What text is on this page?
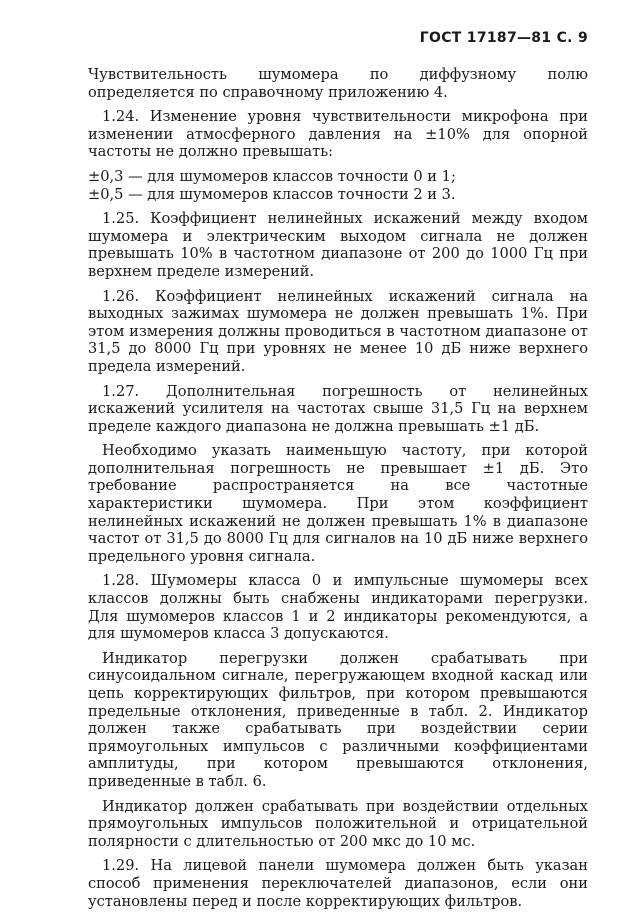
ГОСТ 17187—81 С. 9

Чувствительность шумомера по диффузному полю определяется по справочному приложению 4.

1.24. Изменение уровня чувствительности микрофона при изменении атмосферного давления на ±10% для опорной частоты не должно превышать:

±0,3 — для шумомеров классов точности 0 и 1;
±0,5 — для шумомеров классов точности 2 и 3.

1.25. Коэффициент нелинейных искажений между входом шумомера и электрическим выходом сигнала не должен превышать 10% в частотном диапазоне от 200 до 1000 Гц при верхнем пределе измерений.

1.26. Коэффициент нелинейных искажений сигнала на выходных зажимах шумомера не должен превышать 1%. При этом измерения должны проводиться в частотном диапазоне от 31,5 до 8000 Гц при уровнях не менее 10 дБ ниже верхнего предела измерений.

1.27. Дополнительная погрешность от нелинейных искажений усилителя на частотах свыше 31,5 Гц на верхнем пределе каждого диапазона не должна превышать ±1 дБ.

Необходимо указать наименьшую частоту, при которой дополнительная погрешность не превышает ±1 дБ. Это требование распространяется на все частотные характеристики шумомера. При этом коэффициент нелинейных искажений не должен превышать 1% в диапазоне частот от 31,5 до 8000 Гц для сигналов на 10 дБ ниже верхнего предельного уровня сигнала.

1.28. Шумомеры класса 0 и импульсные шумомеры всех классов должны быть снабжены индикаторами перегрузки. Для шумомеров классов 1 и 2 индикаторы рекомендуются, а для шумомеров класса 3 допускаются.

Индикатор перегрузки должен срабатывать при синусоидальном сигнале, перегружающем входной каскад или цепь корректирующих фильтров, при котором превышаются предельные отклонения, приведенные в табл. 2. Индикатор должен также срабатывать при воздействии серии прямоугольных импульсов с различными коэффициентами амплитуды, при котором превышаются отклонения, приведенные в табл. 6.

Индикатор должен срабатывать при воздействии отдельных прямоугольных импульсов положительной и отрицательной полярности с длительностью от 200 мкс до 10 мс.

1.29. На лицевой панели шумомера должен быть указан способ применения переключателей диапазонов, если они установлены перед и после корректирующих фильтров.
